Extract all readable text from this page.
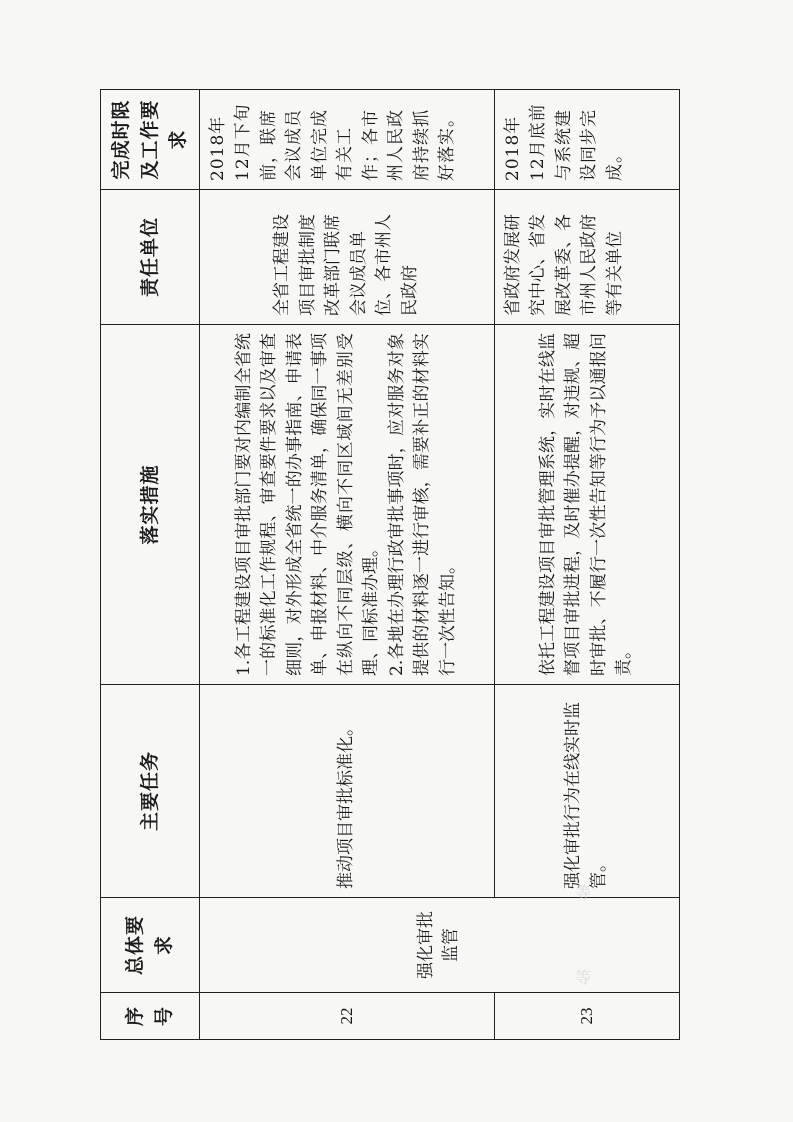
序号	总体要求	主要任务	落实措施	责任单位	完成时限及工作要求
22	强化审批监管	推动项目审批标准化。	1.各工程建设项目审批部门要对内编制全省统一的标准化工作规程、审查要件要求以及审查细则，对外形成全省统一的办事指南、申请表单、申报材料、中介服务清单，确保同一事项在纵向不同层级、横向不同区域间无差别受理、同标准办理。
2.各地在办理行政审批事项时，应对服务对象提供的材料逐一进行审核，需要补正的材料实行一次性告知。	全省工程建设项目审批制度改革部门联席会议成员单位、各市州人民政府	2018年12月下旬前，联席会议成员单位完成有关工作；各市州人民政府持续抓好落实。
23		强化审批行为在线实时监管。	依托工程建设项目审批管理系统，实时在线监督项目审批进程，及时催办提醒，对违规、超时审批、不履行一次性告知等行为予以通报问责。	省政府发展研究中心、省发展改革委、各市州人民政府等有关单位	2018年12月底前与系统建设同步完成。
等
等
